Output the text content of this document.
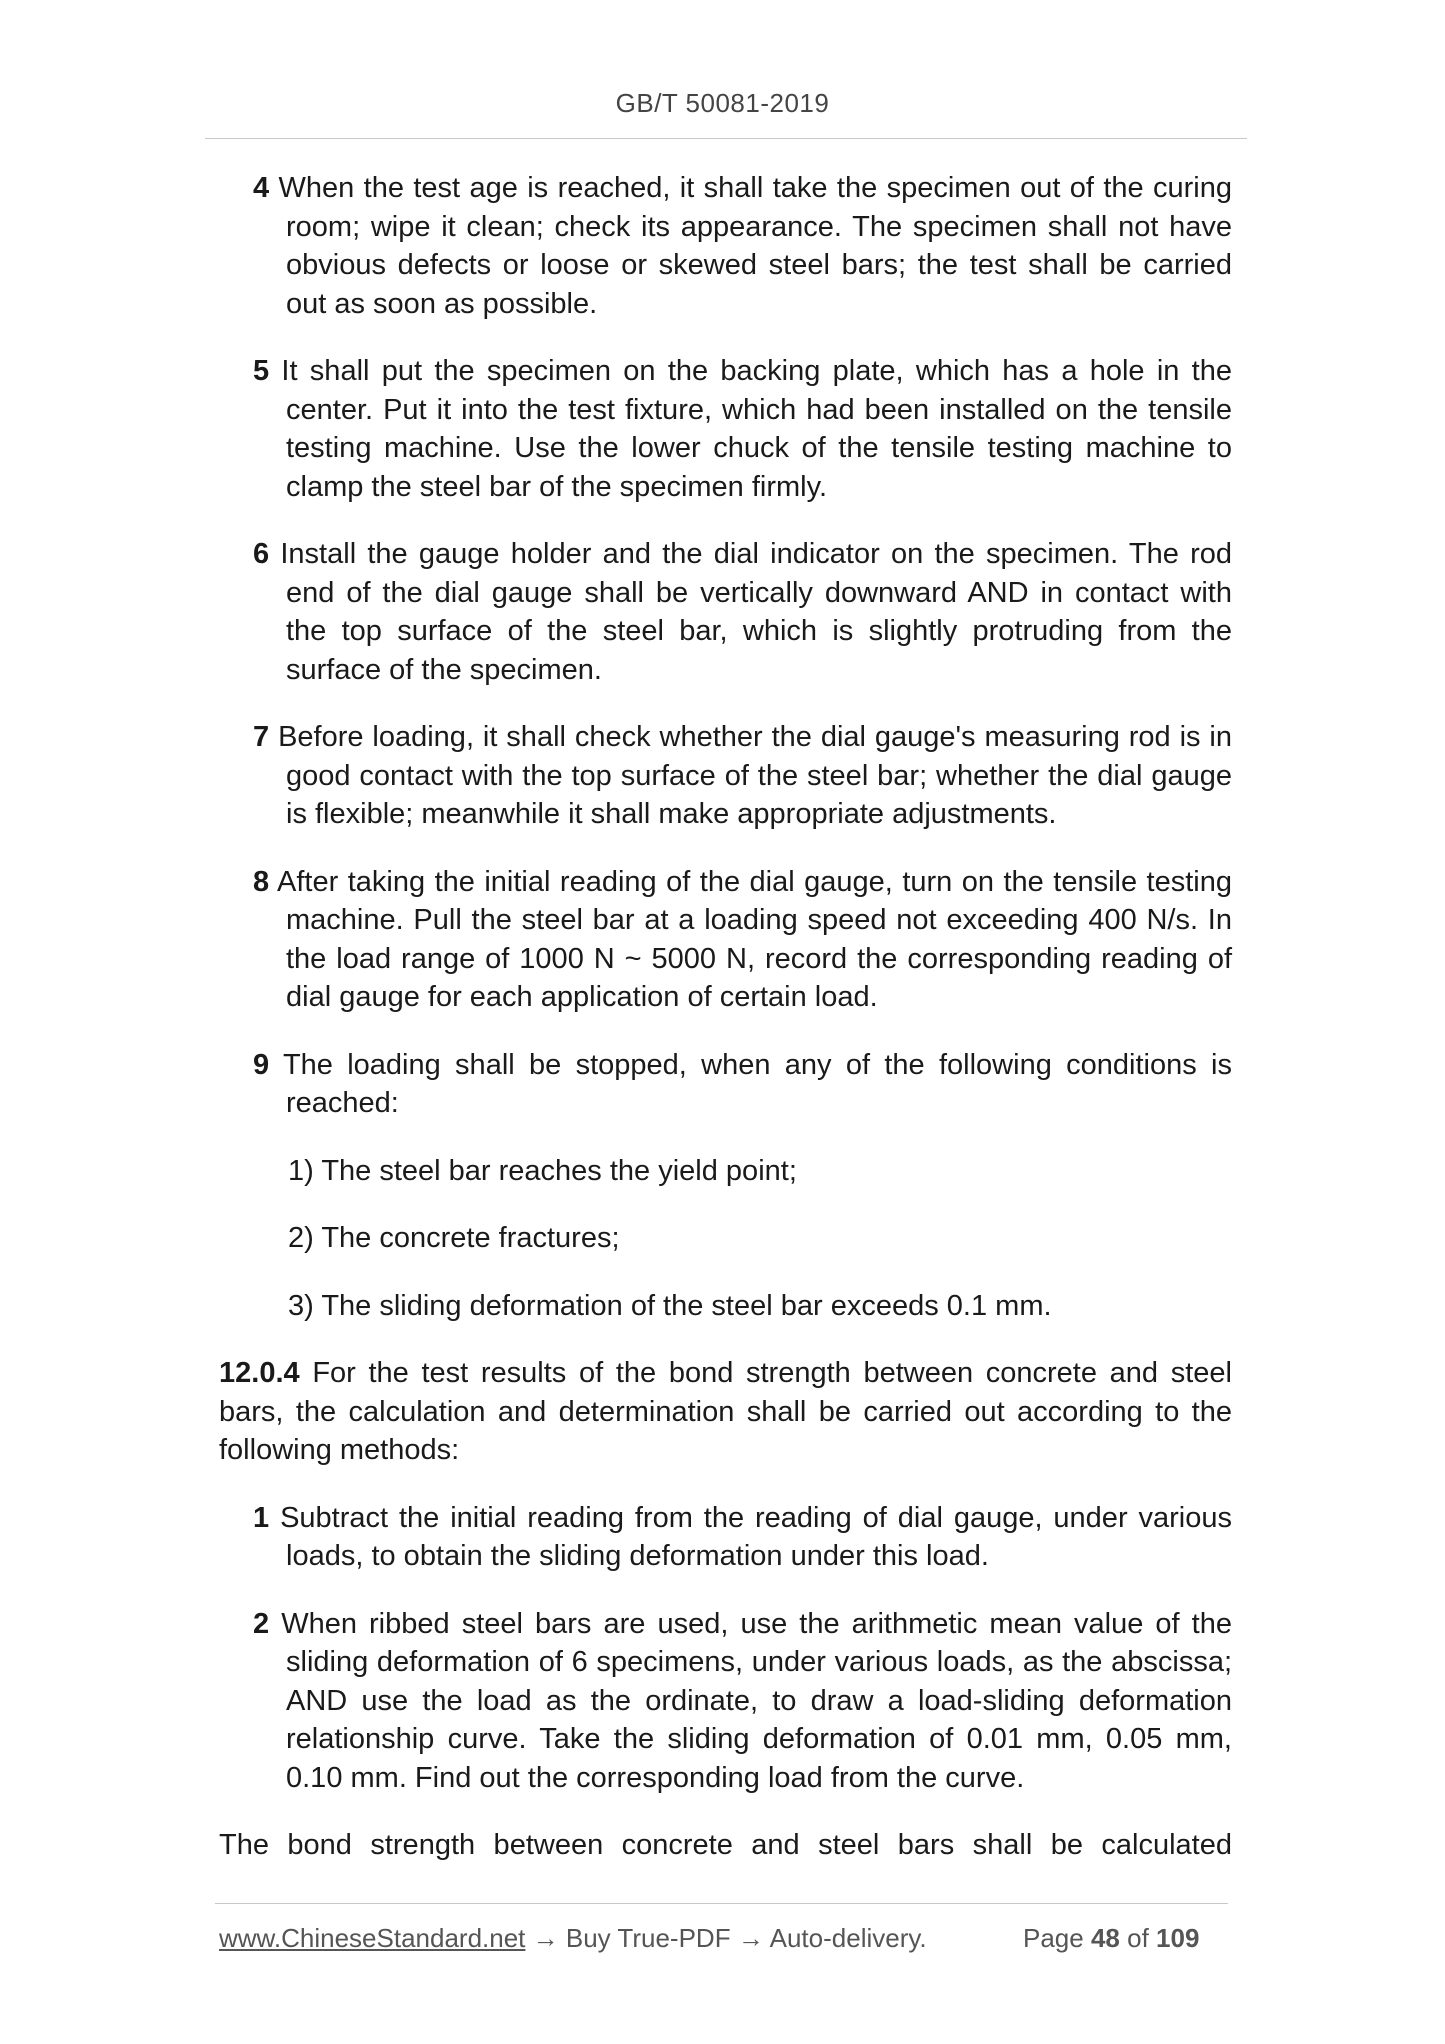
GB/T 50081-2019
4 When the test age is reached, it shall take the specimen out of the curing room; wipe it clean; check its appearance. The specimen shall not have obvious defects or loose or skewed steel bars; the test shall be carried out as soon as possible.
5 It shall put the specimen on the backing plate, which has a hole in the center. Put it into the test fixture, which had been installed on the tensile testing machine. Use the lower chuck of the tensile testing machine to clamp the steel bar of the specimen firmly.
6 Install the gauge holder and the dial indicator on the specimen. The rod end of the dial gauge shall be vertically downward AND in contact with the top surface of the steel bar, which is slightly protruding from the surface of the specimen.
7 Before loading, it shall check whether the dial gauge's measuring rod is in good contact with the top surface of the steel bar; whether the dial gauge is flexible; meanwhile it shall make appropriate adjustments.
8 After taking the initial reading of the dial gauge, turn on the tensile testing machine. Pull the steel bar at a loading speed not exceeding 400 N/s. In the load range of 1000 N ~ 5000 N, record the corresponding reading of dial gauge for each application of certain load.
9 The loading shall be stopped, when any of the following conditions is reached:
1) The steel bar reaches the yield point;
2) The concrete fractures;
3) The sliding deformation of the steel bar exceeds 0.1 mm.
12.0.4 For the test results of the bond strength between concrete and steel bars, the calculation and determination shall be carried out according to the following methods:
1 Subtract the initial reading from the reading of dial gauge, under various loads, to obtain the sliding deformation under this load.
2 When ribbed steel bars are used, use the arithmetic mean value of the sliding deformation of 6 specimens, under various loads, as the abscissa; AND use the load as the ordinate, to draw a load-sliding deformation relationship curve. Take the sliding deformation of 0.01 mm, 0.05 mm, 0.10 mm. Find out the corresponding load from the curve.
The bond strength between concrete and steel bars shall be calculated
www.ChineseStandard.net → Buy True-PDF → Auto-delivery.	Page 48 of 109
